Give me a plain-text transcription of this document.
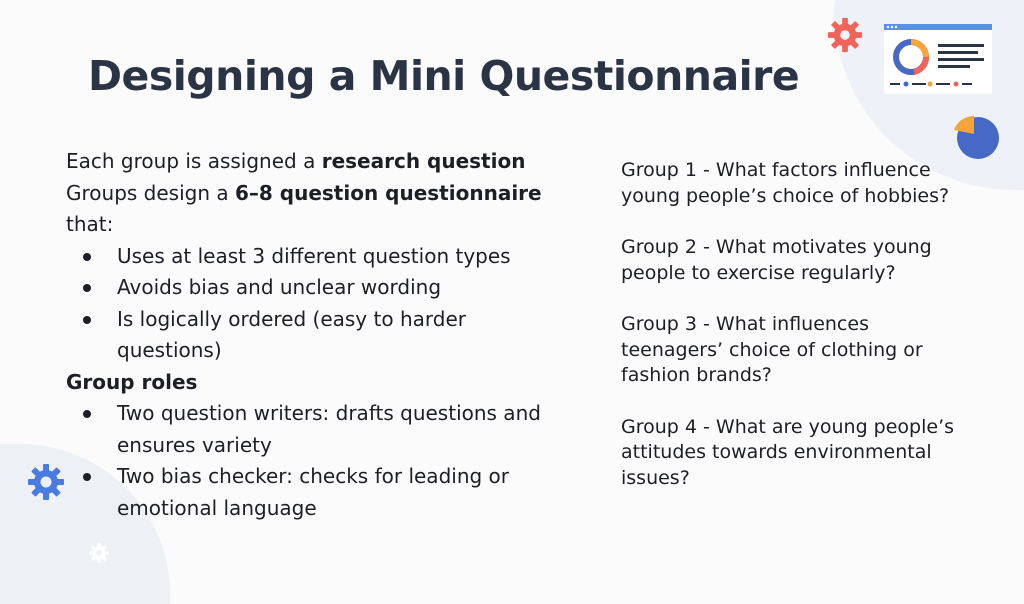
Designing a Mini Questionnaire

Each group is assigned a research question

Groups design a 6–8 question questionnaire

that:

Uses at least 3 different question types
Avoids bias and unclear wording
Is logically ordered (easy to harder questions)

Group roles

Two question writers: drafts questions and ensures variety
Two bias checker: checks for leading or emotional language

Group 1 - What factors influence young people’s choice of hobbies?

Group 2 - What motivates young people to exercise regularly?

Group 3 - What influences teenagers’ choice of clothing or fashion brands?

Group 4 - What are young people’s attitudes towards environmental issues?
